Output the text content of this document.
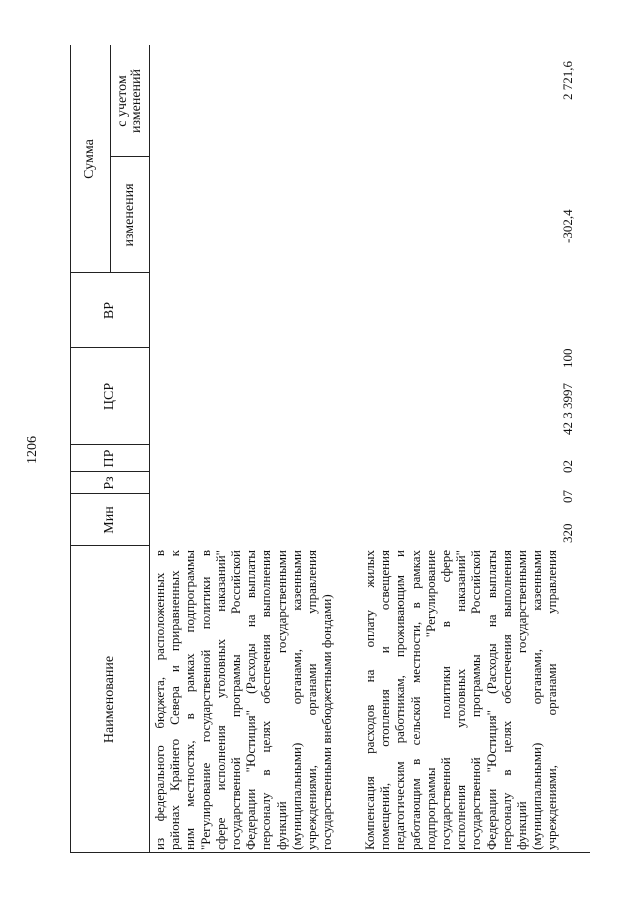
1206
Наименование
Мин
Рз
ПР
ЦСР
ВР
Сумма
изменения
с учетом изменений
из федерального бюджета, расположенных в районах Крайнего Севера и приравненных к ним местностях, в рамках подпрограммы "Регулирование государственной политики в сфере исполнения уголовных наказаний" государственной программы Российской Федерации "Юстиция" (Расходы на выплаты персоналу в целях обеспечения выполнения функций государственными (муниципальными) органами, казенными учреждениями, органами управления государственными внебюджетными фондами) Компенсация расходов на оплату жилых помещений, отопления и освещения педагогическим работникам, проживающим и работающим в сельской местности, в рамках подпрограммы "Регулирование государственной политики в сфере исполнения уголовных наказаний" государственной программы Российской Федерации "Юстиция" (Расходы на выплаты персоналу в целях обеспечения выполнения функций государственными (муниципальными) органами, казенными учреждениями, органами управления
320
07
02
42 3 3997
100
-302,4
2 721,6
